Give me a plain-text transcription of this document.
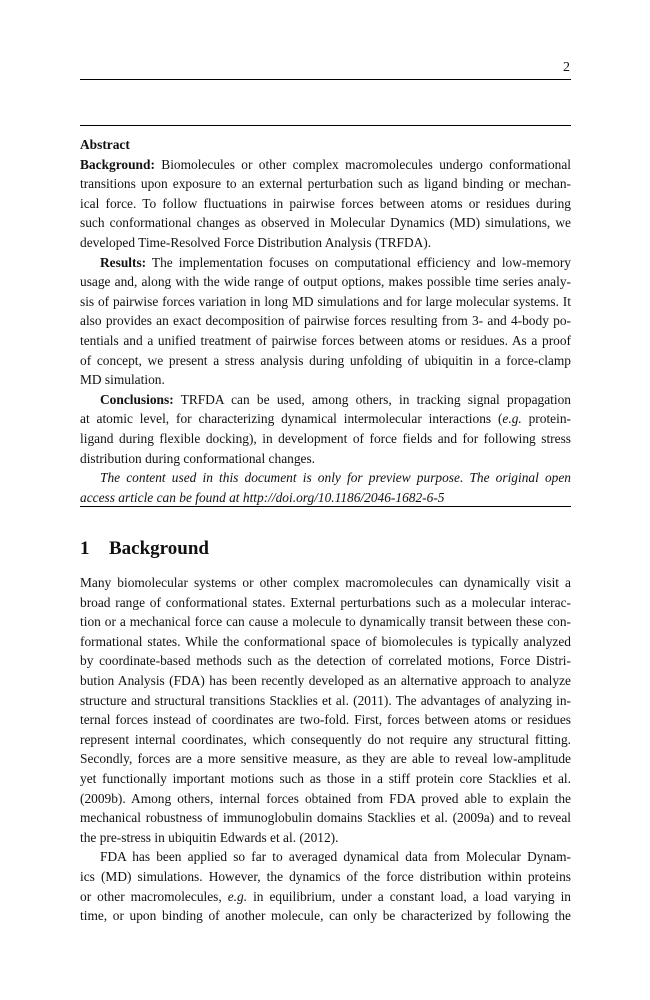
2
Abstract
Background: Biomolecules or other complex macromolecules undergo conformational
transitions upon exposure to an external perturbation such as ligand binding or mechan-
ical force. To follow fluctuations in pairwise forces between atoms or residues during
such conformational changes as observed in Molecular Dynamics (MD) simulations, we
developed Time-Resolved Force Distribution Analysis (TRFDA).
Results: The implementation focuses on computational efficiency and low-memory
usage and, along with the wide range of output options, makes possible time series analy-
sis of pairwise forces variation in long MD simulations and for large molecular systems. It
also provides an exact decomposition of pairwise forces resulting from 3- and 4-body po-
tentials and a unified treatment of pairwise forces between atoms or residues. As a proof
of concept, we present a stress analysis during unfolding of ubiquitin in a force-clamp
MD simulation.
Conclusions: TRFDA can be used, among others, in tracking signal propagation
at atomic level, for characterizing dynamical intermolecular interactions (e.g. protein-
ligand during flexible docking), in development of force fields and for following stress
distribution during conformational changes.
The content used in this document is only for preview purpose. The original open
access article can be found at http://doi.org/10.1186/2046-1682-6-5
1 Background
Many biomolecular systems or other complex macromolecules can dynamically visit a
broad range of conformational states. External perturbations such as a molecular interac-
tion or a mechanical force can cause a molecule to dynamically transit between these con-
formational states. While the conformational space of biomolecules is typically analyzed
by coordinate-based methods such as the detection of correlated motions, Force Distri-
bution Analysis (FDA) has been recently developed as an alternative approach to analyze
structure and structural transitions Stacklies et al. (2011). The advantages of analyzing in-
ternal forces instead of coordinates are two-fold. First, forces between atoms or residues
represent internal coordinates, which consequently do not require any structural fitting.
Secondly, forces are a more sensitive measure, as they are able to reveal low-amplitude
yet functionally important motions such as those in a stiff protein core Stacklies et al.
(2009b). Among others, internal forces obtained from FDA proved able to explain the
mechanical robustness of immunoglobulin domains Stacklies et al. (2009a) and to reveal
the pre-stress in ubiquitin Edwards et al. (2012).
FDA has been applied so far to averaged dynamical data from Molecular Dynam-
ics (MD) simulations. However, the dynamics of the force distribution within proteins
or other macromolecules, e.g. in equilibrium, under a constant load, a load varying in
time, or upon binding of another molecule, can only be characterized by following the
